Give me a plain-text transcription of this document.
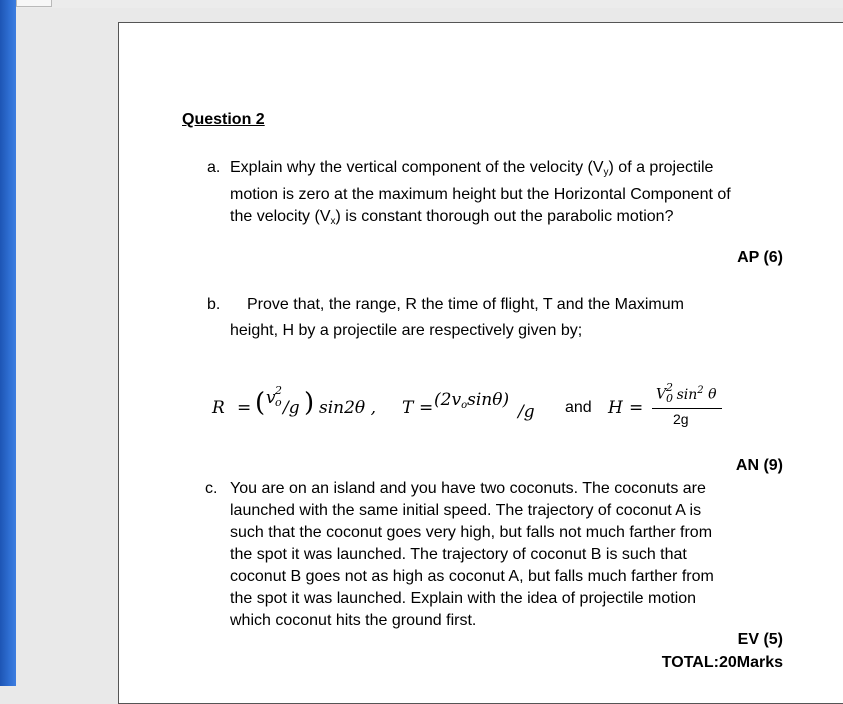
Question 2
a. Explain why the vertical component of the velocity $(V_y)$ of a projectile
motion is zero at the maximum height but the Horizontal Component of
the velocity $(V_x)$ is constant thorough out the parabolic motion?
AP (6)
b. Prove that, the range, R the time of flight, T and the Maximum
height, H by a projectile are respectively given by;
R = ( v 2
o /g ) sin2θ , $T = (2v_o\sin\theta)$
/g and H =
V 2
0 $\sin^2 \theta$
2g
AN (9)
c. You are on an island and you have two coconuts. The coconuts are
launched with the same initial speed. The trajectory of coconut A is
such that the coconut goes very high, but falls not much farther from
the spot it was launched. The trajectory of coconut B is such that
coconut B goes not as high as coconut A, but falls much farther from
the spot it was launched. Explain with the idea of projectile motion
which coconut hits the ground first.
EV (5)
TOTAL:20Marks
